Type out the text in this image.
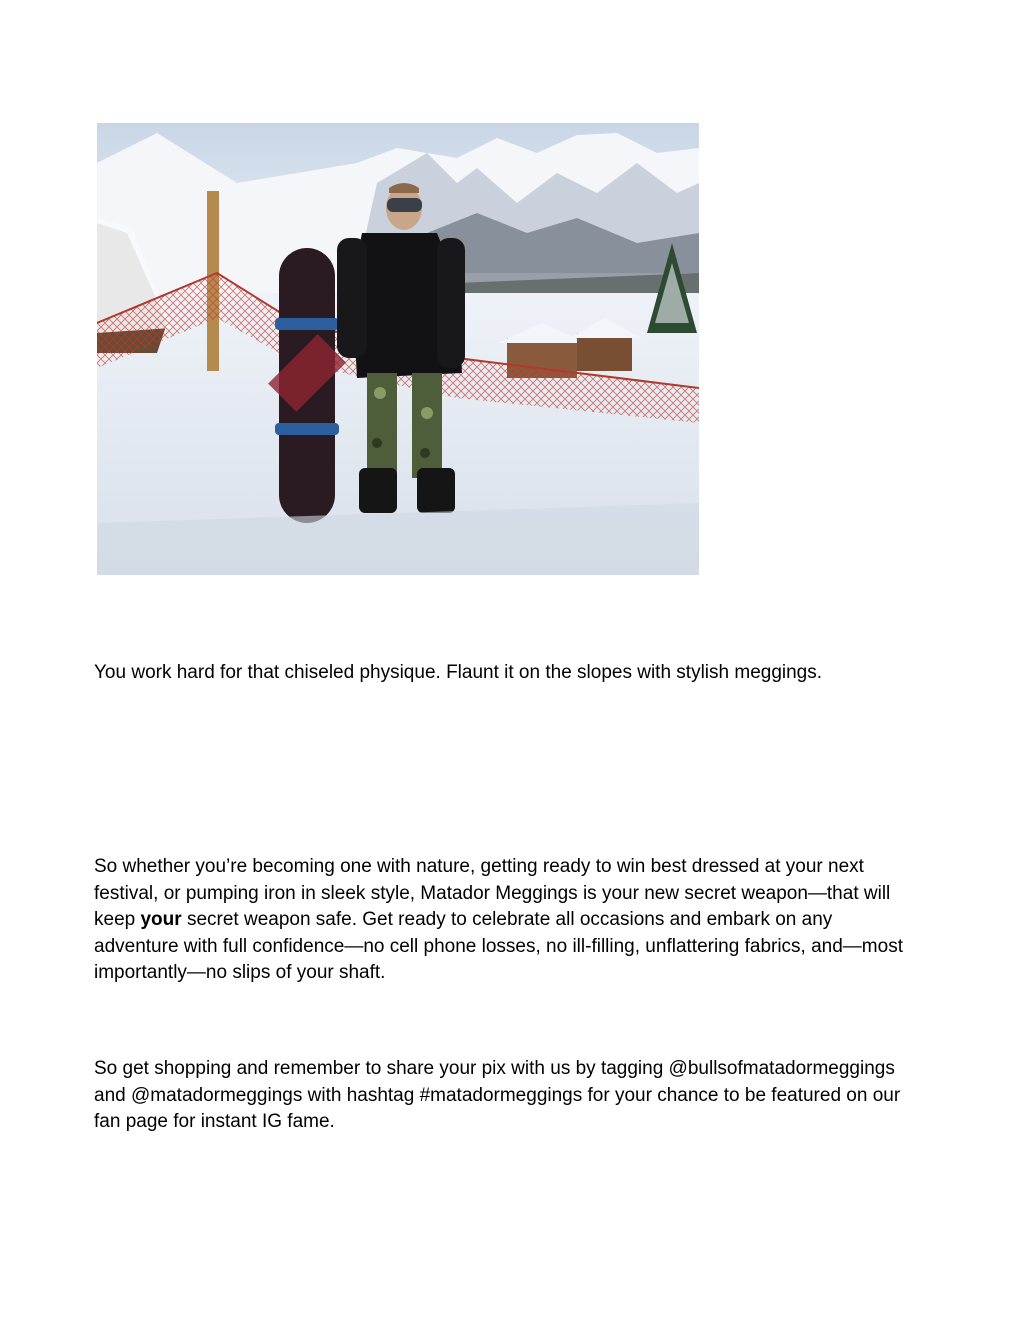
You work hard for that chiseled physique. Flaunt it on the slopes with stylish meggings.

So whether you’re becoming one with nature, getting ready to win best dressed at your next festival, or pumping iron in sleek style, Matador Meggings is your new secret weapon—that will keep your secret weapon safe. Get ready to celebrate all occasions and embark on any adventure with full confidence—no cell phone losses, no ill-filling, unflattering fabrics, and—most importantly—no slips of your shaft.

So get shopping and remember to share your pix with us by tagging @bullsofmatadormeggings and @matadormeggings with hashtag #matadormeggings for your chance to be featured on our fan page for instant IG fame.
